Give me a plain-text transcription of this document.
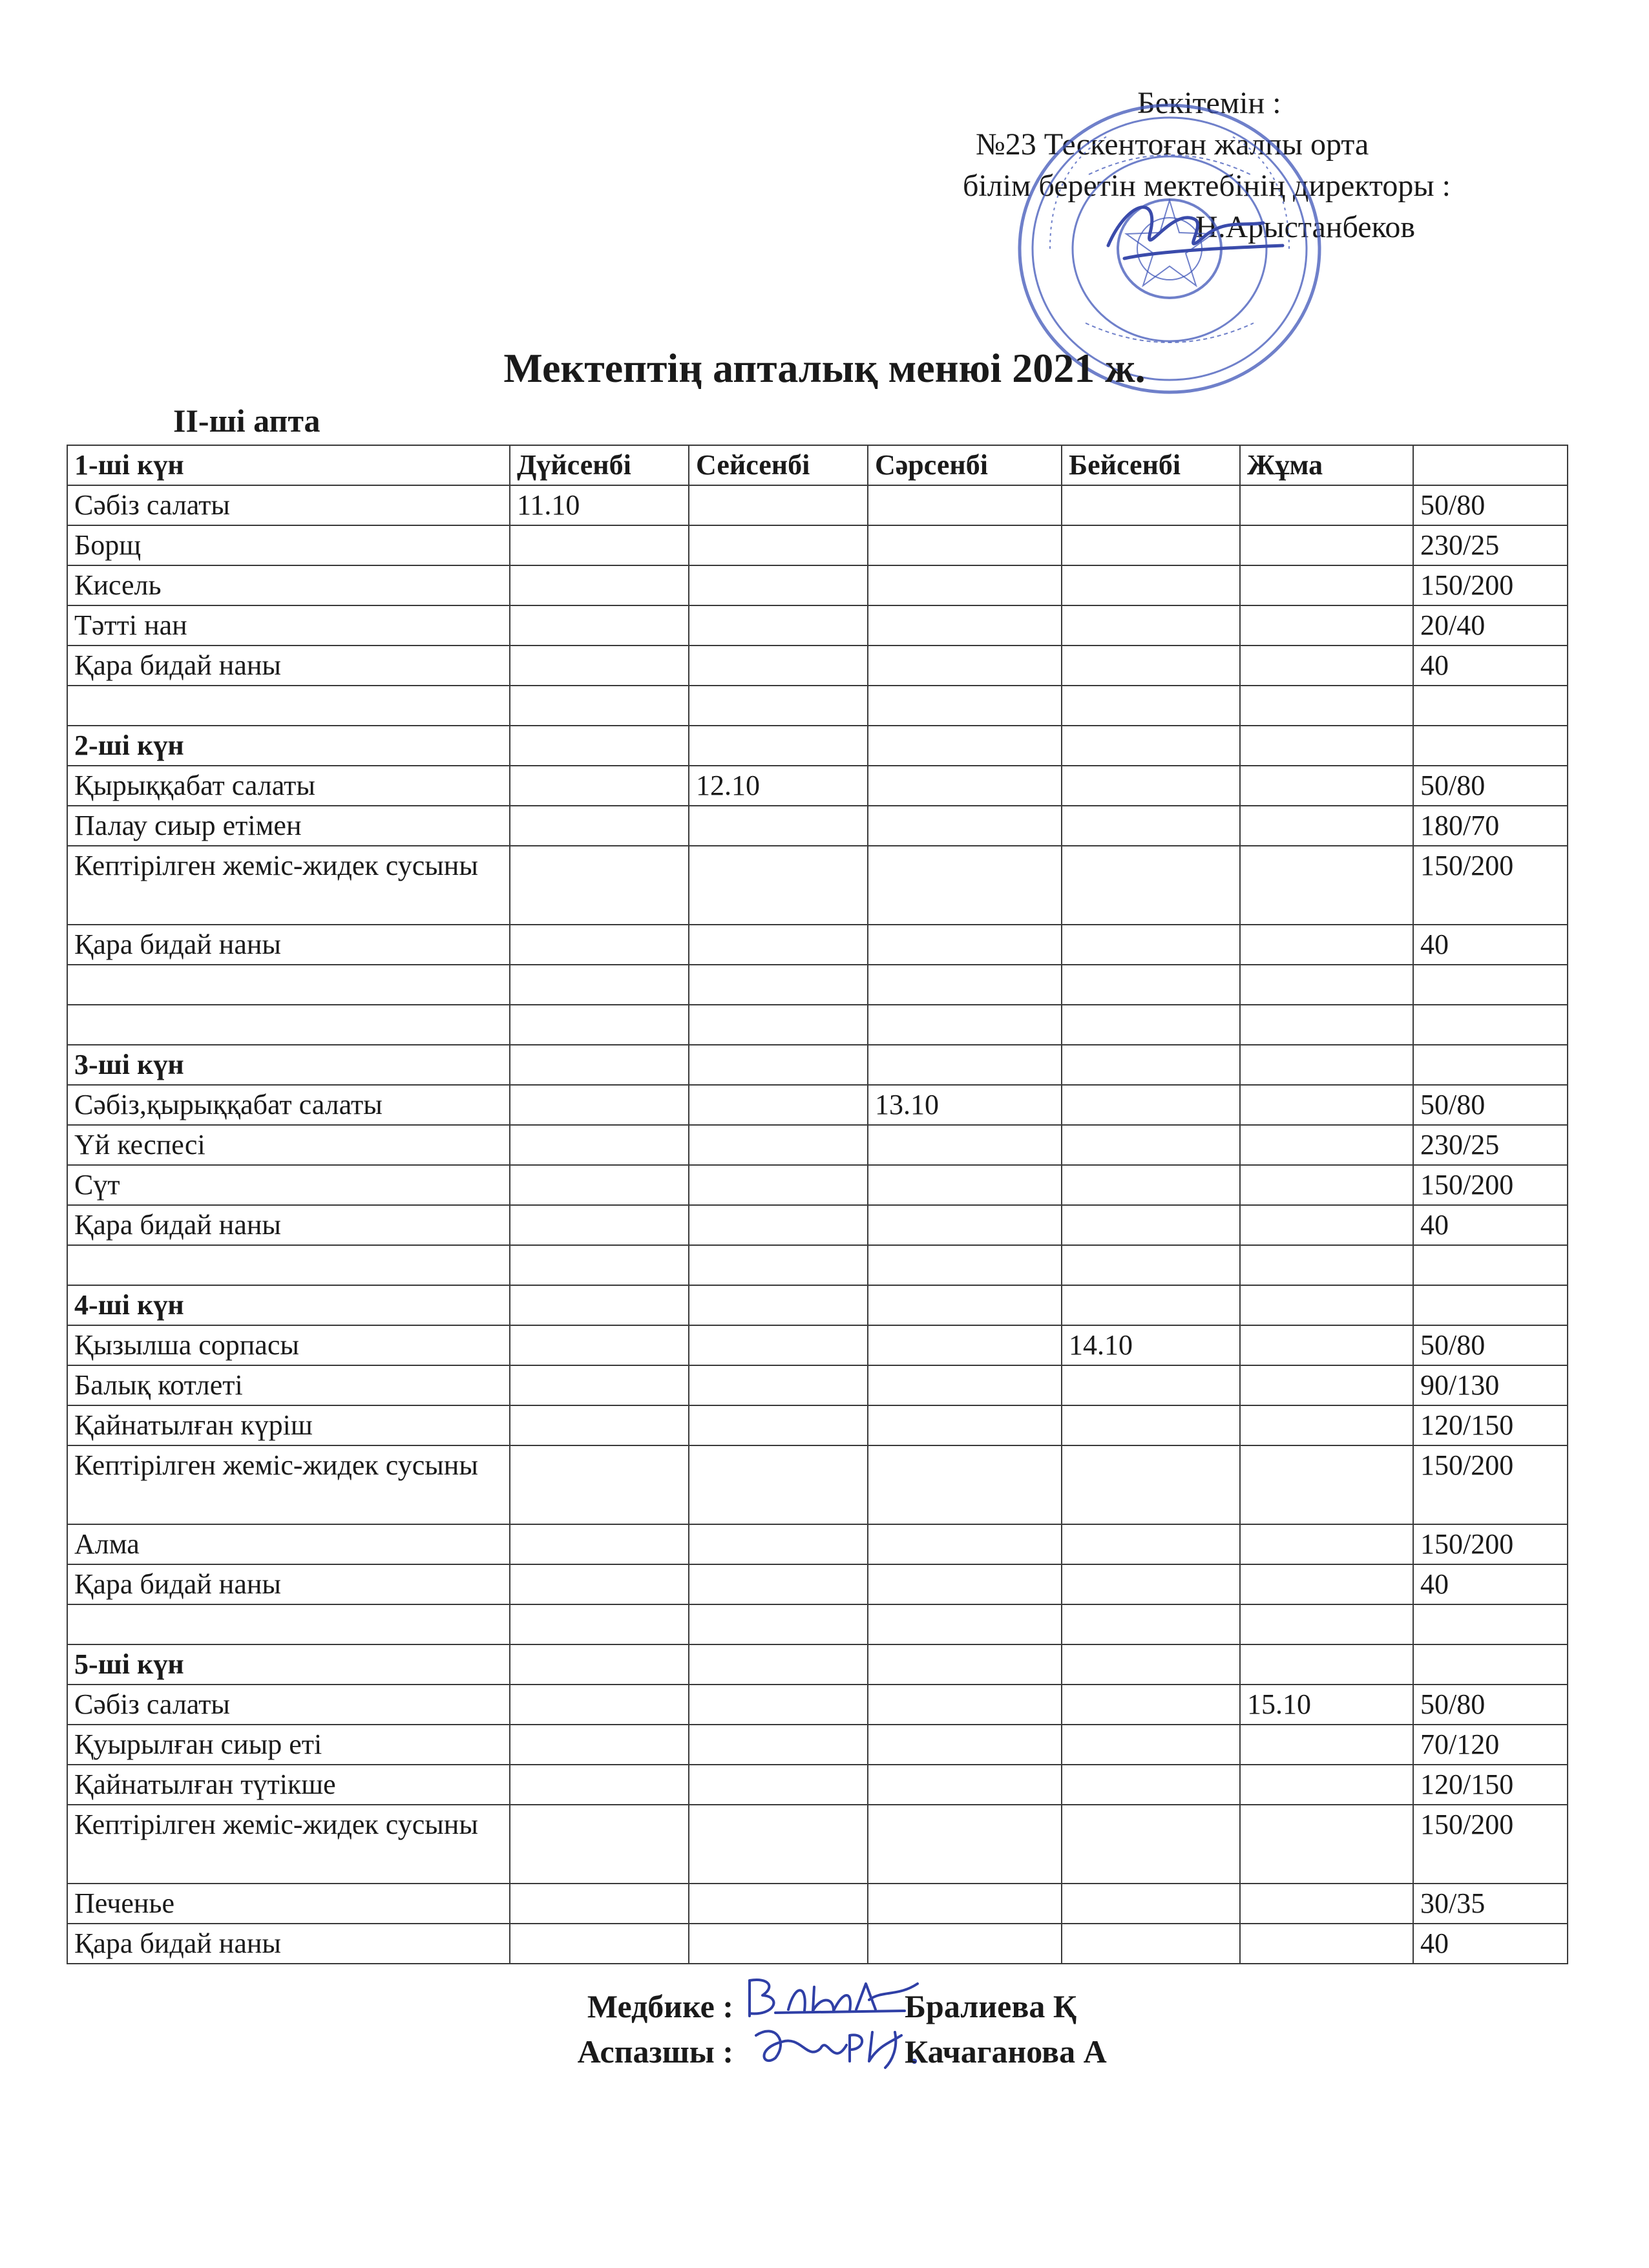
Бекітемін :
№23 Тескентоған жалпы орта
білім беретін мектебінің директоры :
Н.Арыстанбеков
Мектептің апталық менюі 2021 ж.
ІІ-ші апта
1-ші күн	Дүйсенбі	Сейсенбі	Сәрсенбі	Бейсенбі	Жұма	
Сәбіз салаты	11.10					50/80
Борщ						230/25
Кисель						150/200
Тәтті нан						20/40
Қара бидай наны						40

2-ші күн						
Қырыққабат салаты		12.10				50/80
Палау сиыр етімен						180/70
Кептірілген жеміс-жидек сусыны						150/200
Қара бидай наны						40

3-ші күн						
Сәбіз,қырыққабат салаты			13.10			50/80
Үй кеспесі						230/25
Сүт						150/200
Қара бидай наны						40

4-ші күн						
Қызылша сорпасы				14.10		50/80
Балық котлеті						90/130
Қайнатылған күріш						120/150
Кептірілген жеміс-жидек сусыны						150/200
Алма						150/200
Қара бидай наны						40

5-ші күн						
Сәбіз салаты					15.10	50/80
Қуырылған сиыр еті						70/120
Қайнатылған түтікше						120/150
Кептірілген жеміс-жидек сусыны						150/200
Печенье						30/35
Қара бидай наны						40
Медбике :
Аспазшы :
Бралиева Қ
Качаганова А
